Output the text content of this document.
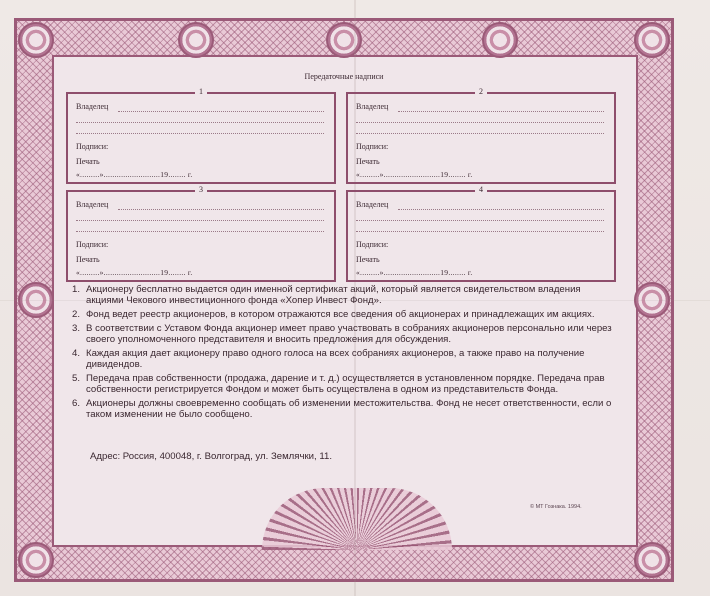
Передаточные надписи
1
Владелец
Подписи:
Печать
«.........»..........................19........ г.
2
Владелец
Подписи:
Печать
«.........»..........................19........ г.
3
Владелец
Подписи:
Печать
«.........»..........................19........ г.
4
Владелец
Подписи:
Печать
«.........»..........................19........ г.
1. Акционеру бесплатно выдается один именной сертификат акций, который является свидетельством владения акциями Чекового инвестиционного фонда «Хопер Инвест Фонд».
2. Фонд ведет реестр акционеров, в котором отражаются все сведения об акционерах и принадлежащих им акциях.
3. В соответствии с Уставом Фонда акционер имеет право участвовать в собраниях акционеров персонально или через своего уполномоченного представителя и вносить предложения для обсуждения.
4. Каждая акция дает акционеру право одного голоса на всех собраниях акционеров, а также право на получение дивидендов.
5. Передача прав собственности (продажа, дарение и т. д.) осуществляется в установленном порядке. Передача прав собственности регистрируется Фондом и может быть осуществлена в одном из представительств Фонда.
6. Акционеры должны своевременно сообщать об изменении местожительства. Фонд не несет ответственности, если о таком изменении не было сообщено.
Адрес: Россия, 400048, г. Волгоград, ул. Землячки, 11.
© МТ Гознака. 1994.
